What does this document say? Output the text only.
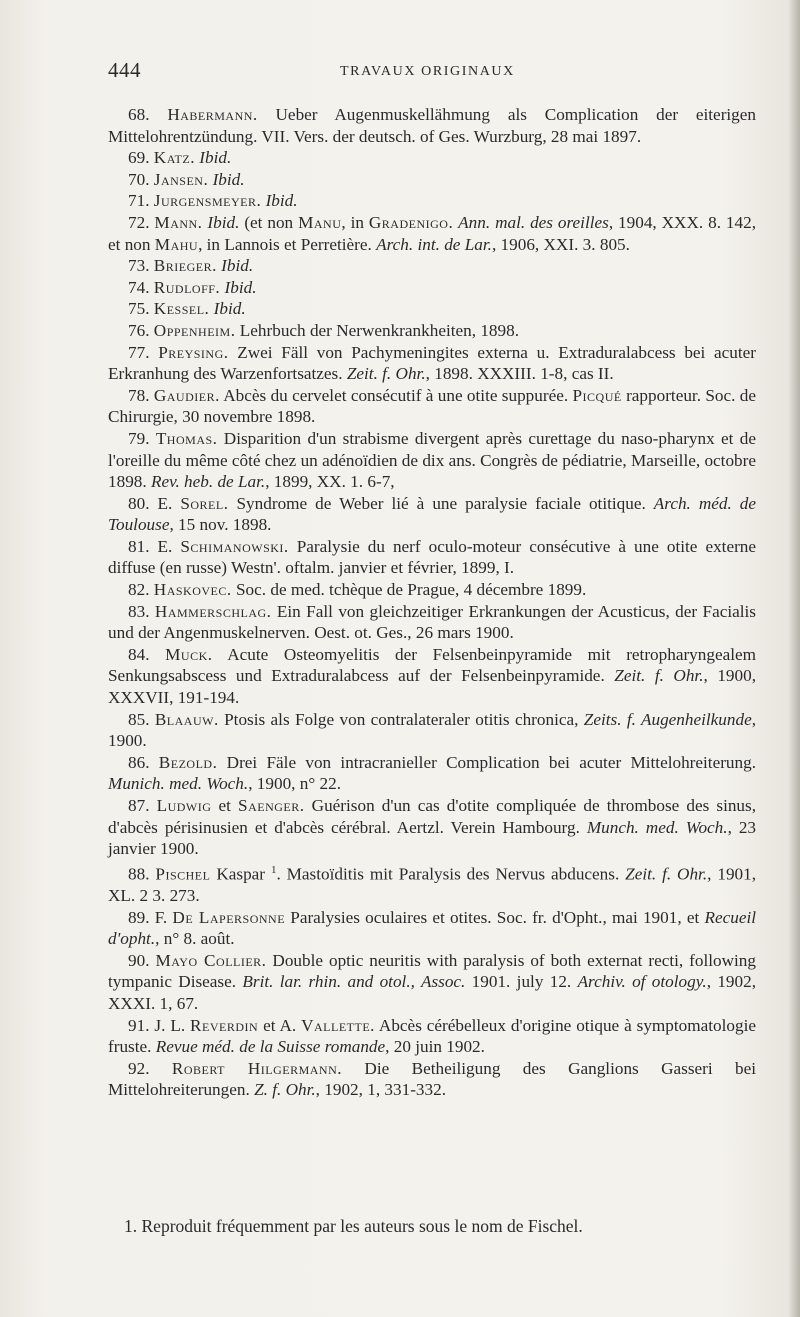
444	TRAVAUX ORIGINAUX

68. Habermann. Ueber Augenmuskellähmung als Complication der eiterigen Mittelohrentzündung. VII. Vers. der deutsch. of Ges. Wurzburg, 28 mai 1897.

69. Katz. Ibid.

70. Jansen. Ibid.

71. Jurgensmeyer. Ibid.

72. Mann. Ibid. (et non Manu, in Gradenigo. Ann. mal. des oreilles, 1904, XXX. 8. 142, et non Mahu, in Lannois et Perretière. Arch. int. de Lar., 1906, XXI. 3. 805.

73. Brieger. Ibid.

74. Rudloff. Ibid.

75. Kessel. Ibid.

76. Oppenheim. Lehrbuch der Nerwenkrankheiten, 1898.

77. Preysing. Zwei Fäll von Pachymeningites externa u. Extraduralabcess bei acuter Erkranhung des Warzenfortsatzes. Zeit. f. Ohr., 1898. XXXIII. 1-8, cas II.

78. Gaudier. Abcès du cervelet consécutif à une otite suppurée. Picqué rapporteur. Soc. de Chirurgie, 30 novembre 1898.

79. Thomas. Disparition d'un strabisme divergent après curettage du naso-pharynx et de l'oreille du même côté chez un adénoïdien de dix ans. Congrès de pédiatrie, Marseille, octobre 1898. Rev. heb. de Lar., 1899, XX. 1. 6-7,

80. E. Sorel. Syndrome de Weber lié à une paralysie faciale otitique. Arch. méd. de Toulouse, 15 nov. 1898.

81. E. Schimanowski. Paralysie du nerf oculo-moteur consécutive à une otite externe diffuse (en russe) Westn'. oftalm. janvier et février, 1899, I.

82. Haskovec. Soc. de med. tchèque de Prague, 4 décembre 1899.

83. Hammerschlag. Ein Fall von gleichzeitiger Erkrankungen der Acusticus, der Facialis und der Angenmuskelnerven. Oest. ot. Ges., 26 mars 1900.

84. Muck. Acute Osteomyelitis der Felsenbeinpyramide mit retropharyngealem Senkungsabscess und Extraduralabcess auf der Felsenbeinpyramide. Zeit. f. Ohr., 1900, XXXVII, 191-194.

85. Blaauw. Ptosis als Folge von contralateraler otitis chronica, Zeits. f. Augenheilkunde, 1900.

86. Bezold. Drei Fäle von intracranieller Complication bei acuter Mittelohreiterung. Munich. med. Woch., 1900, n° 22.

87. Ludwig et Saenger. Guérison d'un cas d'otite compliquée de thrombose des sinus, d'abcès périsinusien et d'abcès cérébral. Aertzl. Verein Hambourg. Munch. med. Woch., 23 janvier 1900.

88. Pischel Kaspar $^1$. Mastoïditis mit Paralysis des Nervus abducens. Zeit. f. Ohr., 1901, XL. 2 3. 273.

89. F. De Lapersonne Paralysies oculaires et otites. Soc. fr. d'Opht., mai 1901, et Recueil d'opht., n° 8. août.

90. Mayo Collier. Double optic neuritis with paralysis of both externat recti, following tympanic Disease. Brit. lar. rhin. and otol., Assoc. 1901. july 12. Archiv. of otology., 1902, XXXI. 1, 67.

91. J. L. Reverdin et A. Vallette. Abcès cérébelleux d'origine otique à symptomatologie fruste. Revue méd. de la Suisse romande, 20 juin 1902.

92. Robert Hilgermann. Die Betheiligung des Ganglions Gasseri bei Mittelohreiterungen. Z. f. Ohr., 1902, 1, 331-332.

1. Reproduit fréquemment par les auteurs sous le nom de Fischel.
